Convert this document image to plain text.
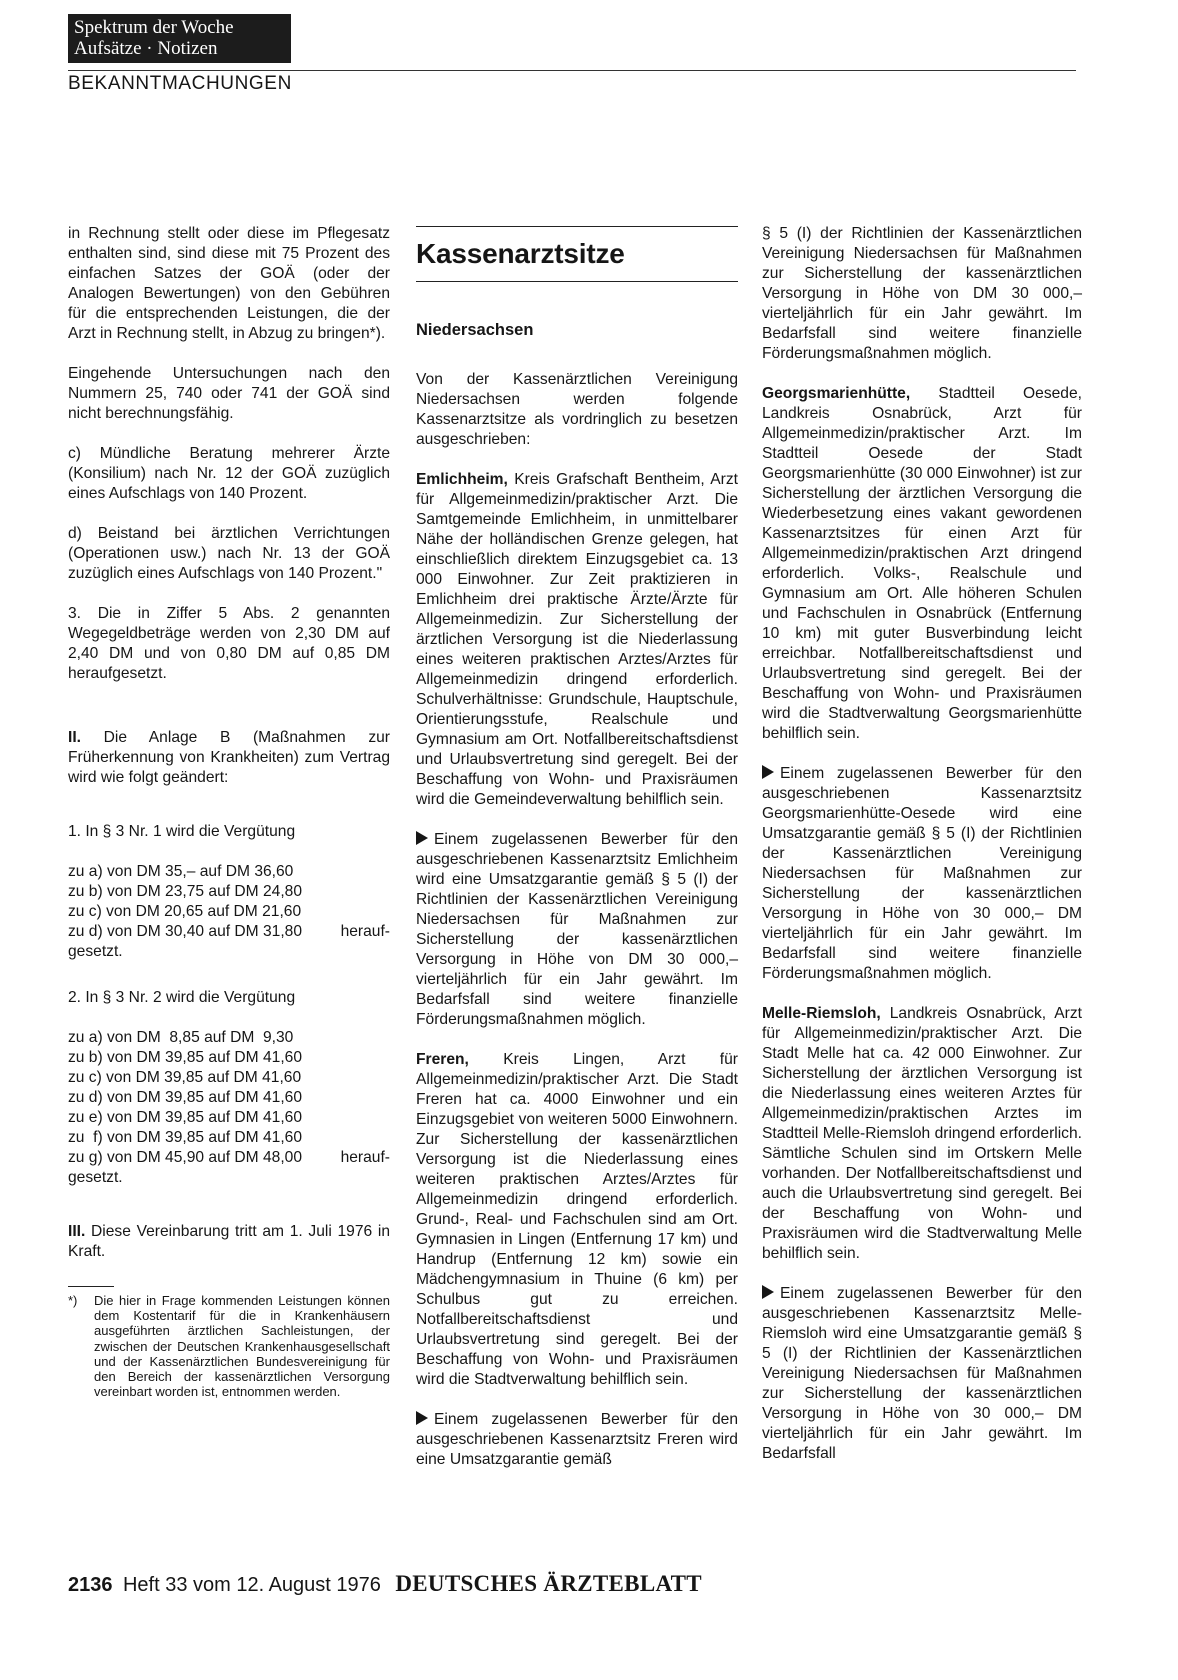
Spektrum der Woche
Aufsätze · Notizen
BEKANNTMACHUNGEN

in Rechnung stellt oder diese im Pflegesatz enthalten sind, sind diese mit 75 Prozent des einfachen Satzes der GOÄ (oder der Analogen Bewertungen) von den Gebühren für die entsprechenden Leistungen, die der Arzt in Rechnung stellt, in Abzug zu bringen*).

Eingehende Untersuchungen nach den Nummern 25, 740 oder 741 der GOÄ sind nicht berechnungsfähig.

c) Mündliche Beratung mehrerer Ärzte (Konsilium) nach Nr. 12 der GOÄ zuzüglich eines Aufschlags von 140 Prozent.

d) Beistand bei ärztlichen Verrichtungen (Operationen usw.) nach Nr. 13 der GOÄ zuzüglich eines Aufschlags von 140 Prozent."

3. Die in Ziffer 5 Abs. 2 genannten Wegegeldbeträge werden von 2,30 DM auf 2,40 DM und von 0,80 DM auf 0,85 DM heraufgesetzt.

II. Die Anlage B (Maßnahmen zur Früherkennung von Krankheiten) zum Vertrag wird wie folgt geändert:

1. In § 3 Nr. 1 wird die Vergütung
zu a) von DM 35,– auf DM 36,60
zu b) von DM 23,75 auf DM 24,80
zu c) von DM 20,65 auf DM 21,60
zu d) von DM 30,40 auf DM 31,80 herauf-
gesetzt.
2. In § 3 Nr. 2 wird die Vergütung
zu a) von DM  8,85 auf DM  9,30
zu b) von DM 39,85 auf DM 41,60
zu c) von DM 39,85 auf DM 41,60
zu d) von DM 39,85 auf DM 41,60
zu e) von DM 39,85 auf DM 41,60
zu  f) von DM 39,85 auf DM 41,60
zu g) von DM 45,90 auf DM 48,00 herauf-
gesetzt.

III. Diese Vereinbarung tritt am 1. Juli 1976 in Kraft.

*)	Die hier in Frage kommenden Leistungen können dem Kostentarif für die in Krankenhäusern ausgeführten ärztlichen Sachleistungen, der zwischen der Deutschen Krankenhausgesellschaft und der Kassenärztlichen Bundesvereinigung für den Bereich der kassenärztlichen Versorgung vereinbart worden ist, entnommen werden.
Kassenarztsitze
Niedersachsen

Von der Kassenärztlichen Vereinigung Niedersachsen werden folgende Kassenarztsitze als vordringlich zu besetzen ausgeschrieben:

Emlichheim, Kreis Grafschaft Bentheim, Arzt für Allgemeinmedizin/praktischer Arzt. Die Samtgemeinde Emlichheim, in unmittelbarer Nähe der holländischen Grenze gelegen, hat einschließlich direktem Einzugsgebiet ca. 13 000 Einwohner. Zur Zeit praktizieren in Emlichheim drei praktische Ärzte/Ärzte für Allgemeinmedizin. Zur Sicherstellung der ärztlichen Versorgung ist die Niederlassung eines weiteren praktischen Arztes/Arztes für Allgemeinmedizin dringend erforderlich. Schulverhältnisse: Grundschule, Hauptschule, Orientierungsstufe, Realschule und Gymnasium am Ort. Notfallbereitschaftsdienst und Urlaubsvertretung sind geregelt. Bei der Beschaffung von Wohn- und Praxisräumen wird die Gemeindeverwaltung behilflich sein.

Einem zugelassenen Bewerber für den ausgeschriebenen Kassenarztsitz Emlichheim wird eine Umsatzgarantie gemäß § 5 (I) der Richtlinien der Kassenärztlichen Vereinigung Niedersachsen für Maßnahmen zur Sicherstellung der kassenärztlichen Versorgung in Höhe von DM 30 000,– vierteljährlich für ein Jahr gewährt. Im Bedarfsfall sind weitere finanzielle Förderungsmaßnahmen möglich.

Freren, Kreis Lingen, Arzt für Allgemeinmedizin/praktischer Arzt. Die Stadt Freren hat ca. 4000 Einwohner und ein Einzugsgebiet von weiteren 5000 Einwohnern. Zur Sicherstellung der kassenärztlichen Versorgung ist die Niederlassung eines weiteren praktischen Arztes/Arztes für Allgemeinmedizin dringend erforderlich. Grund-, Real- und Fachschulen sind am Ort. Gymnasien in Lingen (Entfernung 17 km) und Handrup (Entfernung 12 km) sowie ein Mädchengymnasium in Thuine (6 km) per Schulbus gut zu erreichen. Notfallbereitschaftsdienst und Urlaubsvertretung sind geregelt. Bei der Beschaffung von Wohn- und Praxisräumen wird die Stadtverwaltung behilflich sein.

Einem zugelassenen Bewerber für den ausgeschriebenen Kassenarztsitz Freren wird eine Umsatzgarantie gemäß

§ 5 (I) der Richtlinien der Kassenärztlichen Vereinigung Niedersachsen für Maßnahmen zur Sicherstellung der kassenärztlichen Versorgung in Höhe von DM 30 000,– vierteljährlich für ein Jahr gewährt. Im Bedarfsfall sind weitere finanzielle Förderungsmaßnahmen möglich.

Georgsmarienhütte, Stadtteil Oesede, Landkreis Osnabrück, Arzt für Allgemeinmedizin/praktischer Arzt. Im Stadtteil Oesede der Stadt Georgsmarienhütte (30 000 Einwohner) ist zur Sicherstellung der ärztlichen Versorgung die Wiederbesetzung eines vakant gewordenen Kassenarztsitzes für einen Arzt für Allgemeinmedizin/praktischen Arzt dringend erforderlich. Volks-, Realschule und Gymnasium am Ort. Alle höheren Schulen und Fachschulen in Osnabrück (Entfernung 10 km) mit guter Busverbindung leicht erreichbar. Notfallbereitschaftsdienst und Urlaubsvertretung sind geregelt. Bei der Beschaffung von Wohn- und Praxisräumen wird die Stadtverwaltung Georgsmarienhütte behilflich sein.

Einem zugelassenen Bewerber für den ausgeschriebenen Kassenarztsitz Georgsmarienhütte-Oesede wird eine Umsatzgarantie gemäß § 5 (I) der Richtlinien der Kassenärztlichen Vereinigung Niedersachsen für Maßnahmen zur Sicherstellung der kassenärztlichen Versorgung in Höhe von 30 000,– DM vierteljährlich für ein Jahr gewährt. Im Bedarfsfall sind weitere finanzielle Förderungsmaßnahmen möglich.

Melle-Riemsloh, Landkreis Osnabrück, Arzt für Allgemeinmedizin/praktischer Arzt. Die Stadt Melle hat ca. 42 000 Einwohner. Zur Sicherstellung der ärztlichen Versorgung ist die Niederlassung eines weiteren Arztes für Allgemeinmedizin/praktischen Arztes im Stadtteil Melle-Riemsloh dringend erforderlich. Sämtliche Schulen sind im Ortskern Melle vorhanden. Der Notfallbereitschaftsdienst und auch die Urlaubsvertretung sind geregelt. Bei der Beschaffung von Wohn- und Praxisräumen wird die Stadtverwaltung Melle behilflich sein.

Einem zugelassenen Bewerber für den ausgeschriebenen Kassenarztsitz Melle-Riemsloh wird eine Umsatzgarantie gemäß § 5 (I) der Richtlinien der Kassenärztlichen Vereinigung Niedersachsen für Maßnahmen zur Sicherstellung der kassenärztlichen Versorgung in Höhe von 30 000,– DM vierteljährlich für ein Jahr gewährt. Im Bedarfsfall

2136 Heft 33 vom 12. August 1976 DEUTSCHES ÄRZTEBLATT
